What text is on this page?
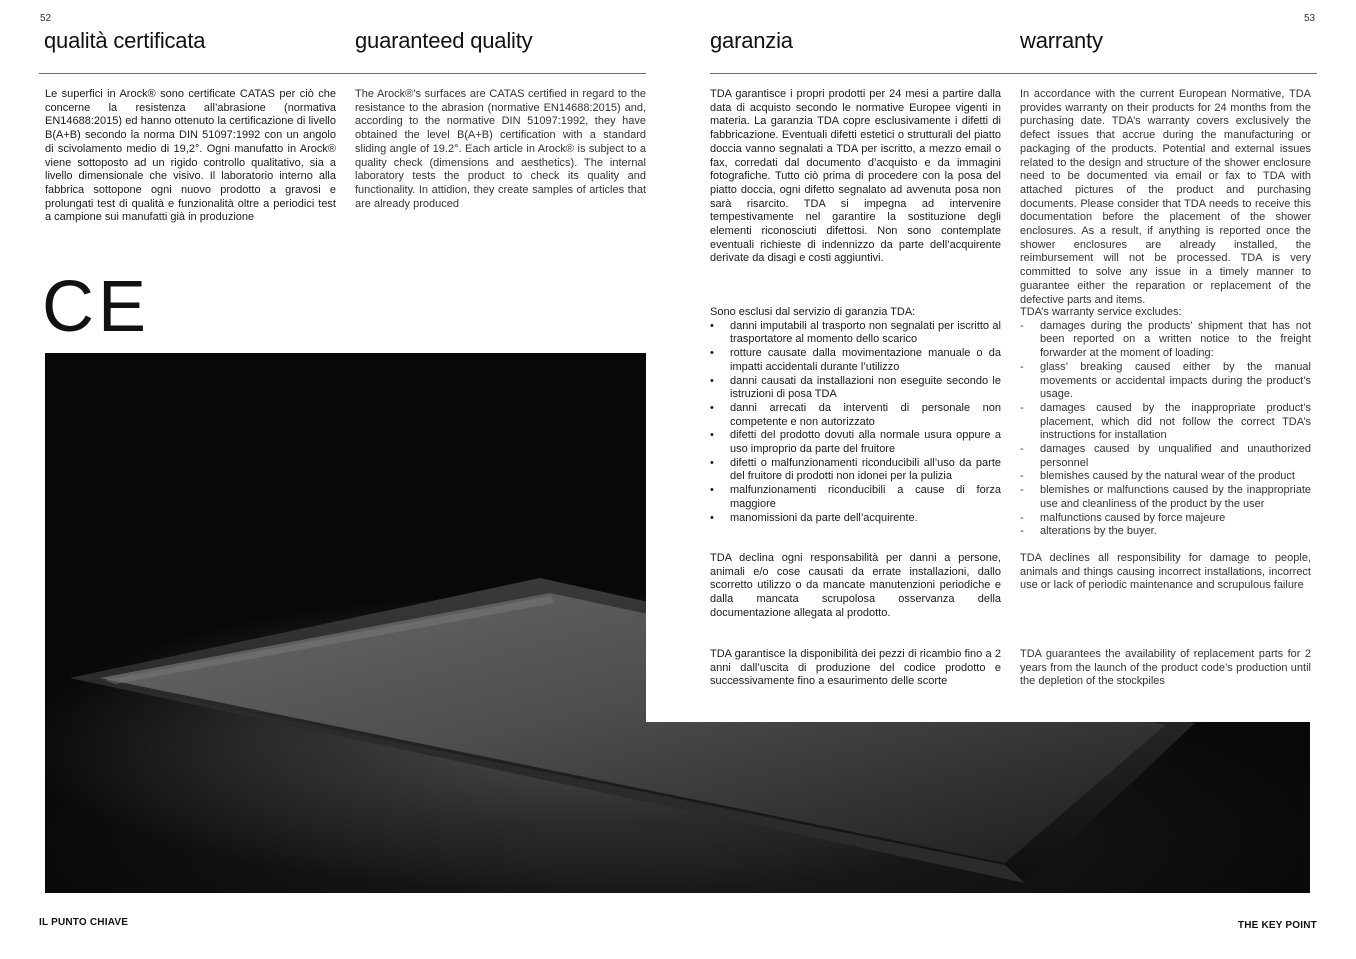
52
qualità certificata	guaranteed quality
Le superfici in Arock® sono certificate CATAS per ciò che concerne la resistenza all’abrasione (normativa EN14688:2015) ed hanno ottenuto la certificazione di livello B(A+B) secondo la norma DIN 51097:1992 con un angolo di scivolamento medio di 19,2°. Ogni manufatto in Arock® viene sottoposto ad un rigido controllo qualitativo, sia a livello dimensionale che visivo. Il laboratorio interno alla fabbrica sottopone ogni nuovo prodotto a gravosi e prolungati test di qualità e funzionalità oltre a periodici test a campione sui manufatti già in produzione
The Arock®’s surfaces are CATAS certified in regard to the resistance to the abrasion (normative EN14688:2015) and, according to the normative DIN 51097:1992, they have obtained the level B(A+B) certification with a standard sliding angle of 19.2°. Each article in Arock® is subject to a quality check (dimensions and aesthetics). The internal laboratory tests the product to check its quality and functionality. In attidion, they create samples of articles that are already produced
CE
IL PUNTO CHIAVE
53
garanzia	warranty
TDA garantisce i propri prodotti per 24 mesi a partire dalla data di acquisto secondo le normative Europee vigenti in materia. La garanzia TDA copre esclusivamente i difetti di fabbricazione. Eventuali difetti estetici o strutturali del piatto doccia vanno segnalati a TDA per iscritto, a mezzo email o fax, corredati dal documento d’acquisto e da immagini fotografiche. Tutto ciò prima di procedere con la posa del piatto doccia, ogni difetto segnalato ad avvenuta posa non sarà risarcito. TDA si impegna ad intervenire tempestivamente nel garantire la sostituzione degli elementi riconosciuti difettosi. Non sono contemplate eventuali richieste di indennizzo da parte dell’acquirente derivate da disagi e costi aggiuntivi.
In accordance with the current European Normative, TDA provides warranty on their products for 24 months from the purchasing date. TDA’s warranty covers exclusively the defect issues that accrue during the manufacturing or packaging of the products. Potential and external issues related to the design and structure of the shower enclosure need to be documented via email or fax to TDA with attached pictures of the product and purchasing documents. Please consider that TDA needs to receive this documentation before the placement of the shower enclosures. As a result, if anything is reported once the shower enclosures are already installed, the reimbursement will not be processed. TDA is very committed to solve any issue in a timely manner to guarantee either the reparation or replacement of the defective parts and items.
Sono esclusi dal servizio di garanzia TDA:
• danni imputabili al trasporto non segnalati per iscritto al trasportatore al momento dello scarico
• rotture causate dalla movimentazione manuale o da impatti accidentali durante l’utilizzo
• danni causati da installazioni non eseguite secondo le istruzioni di posa TDA
• danni arrecati da interventi di personale non competente e non autorizzato
• difetti del prodotto dovuti alla normale usura oppure a uso improprio da parte del fruitore
• difetti o malfunzionamenti riconducibili all’uso da parte del fruitore di prodotti non idonei per la pulizia
• malfunzionamenti riconducibili a cause di forza maggiore
• manomissioni da parte dell’acquirente.
TDA’s warranty service excludes:
- damages during the products’ shipment that has not been reported on a written notice to the freight forwarder at the moment of loading:
- glass’ breaking caused either by the manual movements or accidental impacts during the product’s usage.
- damages caused by the inappropriate product’s placement, which did not follow the correct TDA’s instructions for installation
- damages caused by unqualified and unauthorized personnel
- blemishes caused by the natural wear of the product
- blemishes or malfunctions caused by the inappropriate use and cleanliness of the product by the user
- malfunctions caused by force majeure
- alterations by the buyer.
TDA declina ogni responsabilità per danni a persone, animali e/o cose causati da errate installazioni, dallo scorretto utilizzo o da mancate manutenzioni periodiche e dalla mancata scrupolosa osservanza della documentazione allegata al prodotto.
TDA declines all responsibility for damage to people, animals and things causing incorrect installations, incorrect use or lack of periodic maintenance and scrupulous failure
TDA garantisce la disponibilità dei pezzi di ricambio fino a 2 anni dall’uscita di produzione del codice prodotto e successivamente fino a esaurimento delle scorte
TDA guarantees the availability of replacement parts for 2 years from the launch of the product code’s production until the depletion of the stockpiles
THE KEY POINT
